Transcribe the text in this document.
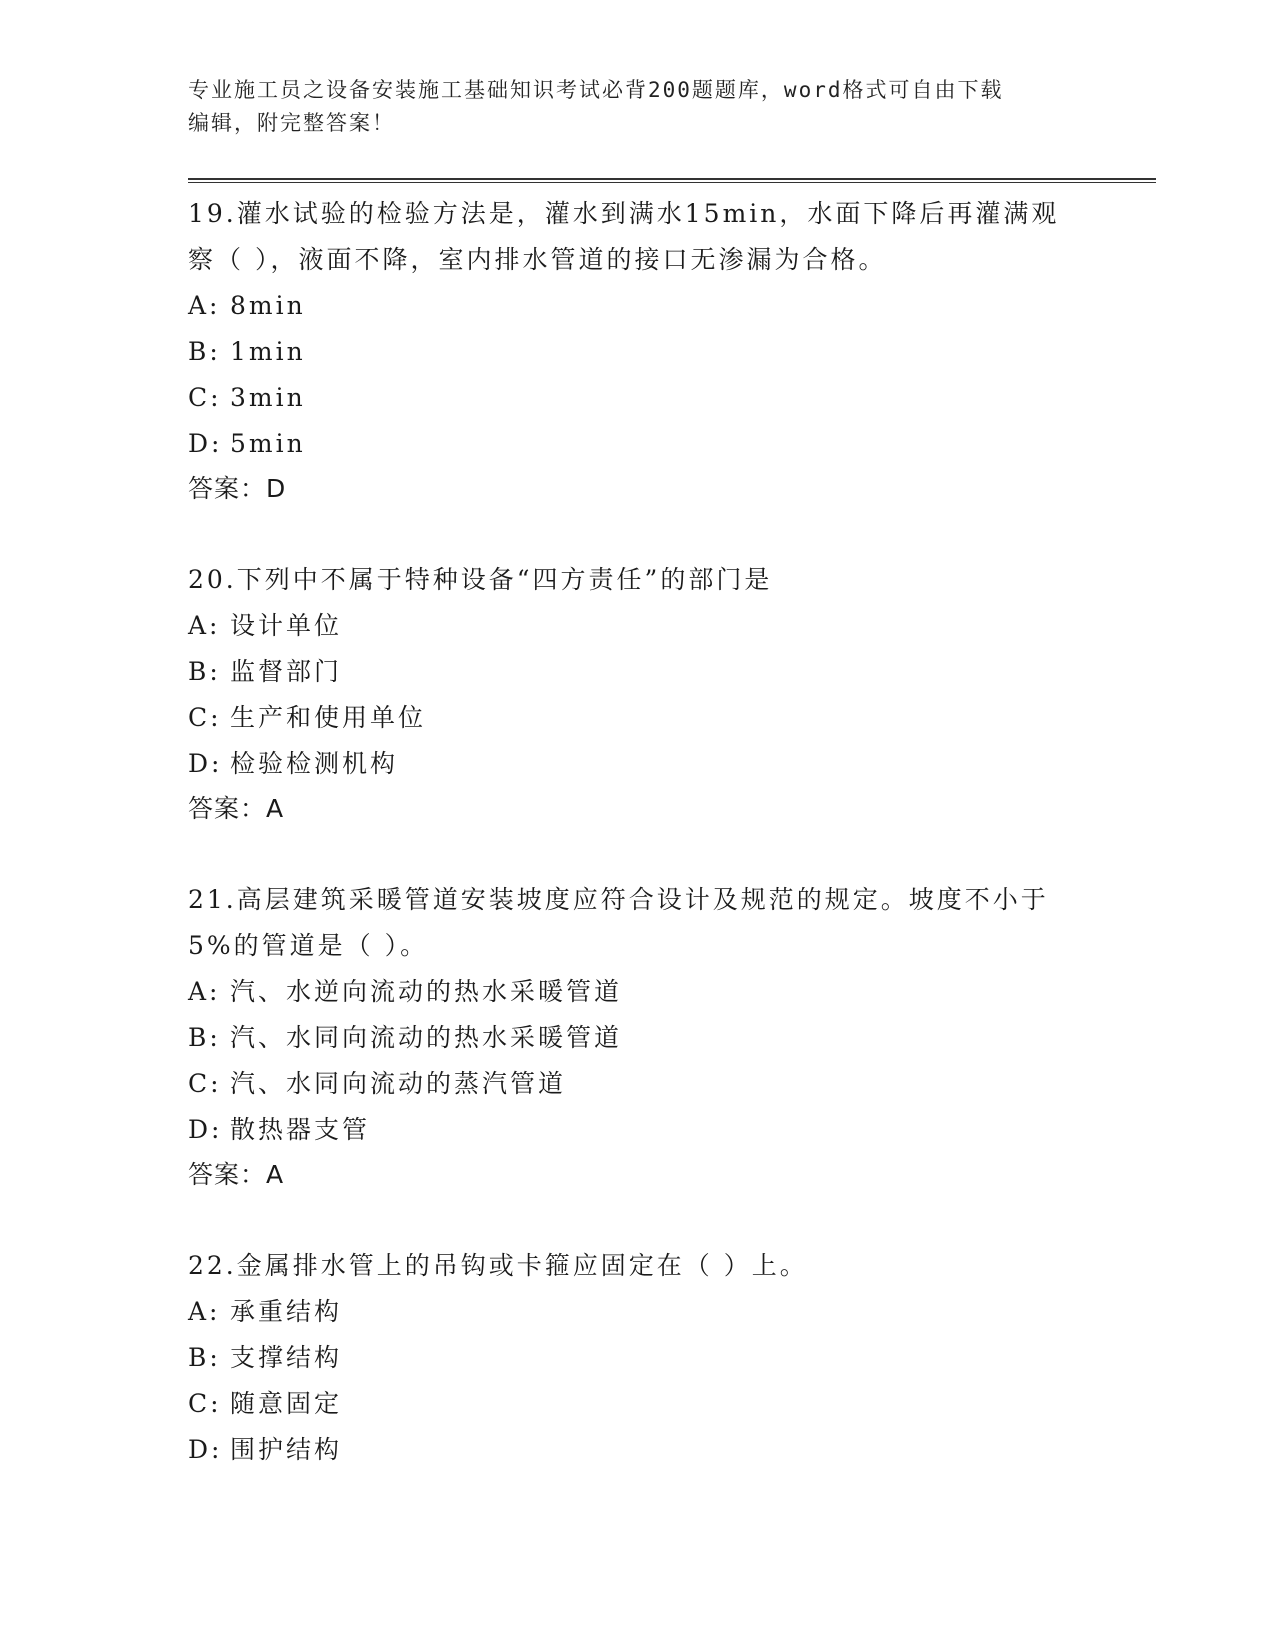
专业施工员之设备安装施工基础知识考试必背200题题库，word格式可自由下载
编辑，附完整答案！
19.灌水试验的检验方法是，灌水到满水15min，水面下降后再灌满观
察（ ），液面不降，室内排水管道的接口无渗漏为合格。
A: 8min
B: 1min
C: 3min
D: 5min
答案：D
20.下列中不属于特种设备“四方责任”的部门是
A: 设计单位
B: 监督部门
C: 生产和使用单位
D: 检验检测机构
答案：A
21.高层建筑采暖管道安装坡度应符合设计及规范的规定。坡度不小于
5%的管道是（ ）。
A: 汽、水逆向流动的热水采暖管道
B: 汽、水同向流动的热水采暖管道
C: 汽、水同向流动的蒸汽管道
D: 散热器支管
答案：A
22.金属排水管上的吊钩或卡箍应固定在（ ）上。
A: 承重结构
B: 支撑结构
C: 随意固定
D: 围护结构
